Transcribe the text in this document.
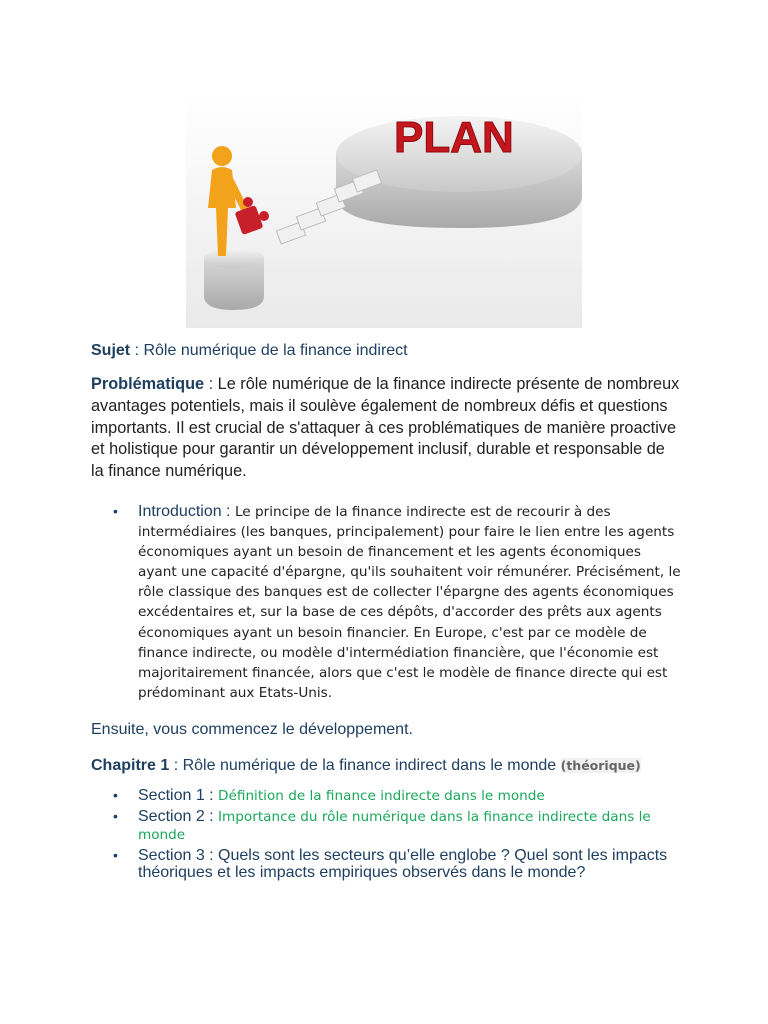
PLAN

Sujet : Rôle numérique de la finance indirect

Problématique : Le rôle numérique de la finance indirecte présente de nombreux avantages potentiels, mais il soulève également de nombreux défis et questions importants. Il est crucial de s'attaquer à ces problématiques de manière proactive et holistique pour garantir un développement inclusif, durable et responsable de la finance numérique.

• Introduction : Le principe de la finance indirecte est de recourir à des intermédiaires (les banques, principalement) pour faire le lien entre les agents économiques ayant un besoin de financement et les agents économiques ayant une capacité d'épargne, qu'ils souhaitent voir rémunérer. Précisément, le rôle classique des banques est de collecter l'épargne des agents économiques excédentaires et, sur la base de ces dépôts, d'accorder des prêts aux agents économiques ayant un besoin financier. En Europe, c'est par ce modèle de finance indirecte, ou modèle d'intermédiation financière, que l'économie est majoritairement financée, alors que c'est le modèle de finance directe qui est prédominant aux Etats-Unis.

Ensuite, vous commencez le développement.

Chapitre 1 : Rôle numérique de la finance indirect dans le monde (théorique)

• Section 1 : Définition de la finance indirecte dans le monde
• Section 2 : Importance du rôle numérique dans la finance indirecte dans le monde
• Section 3 : Quels sont les secteurs qu’elle englobe ? Quel sont les impacts théoriques et les impacts empiriques observés dans le monde?
